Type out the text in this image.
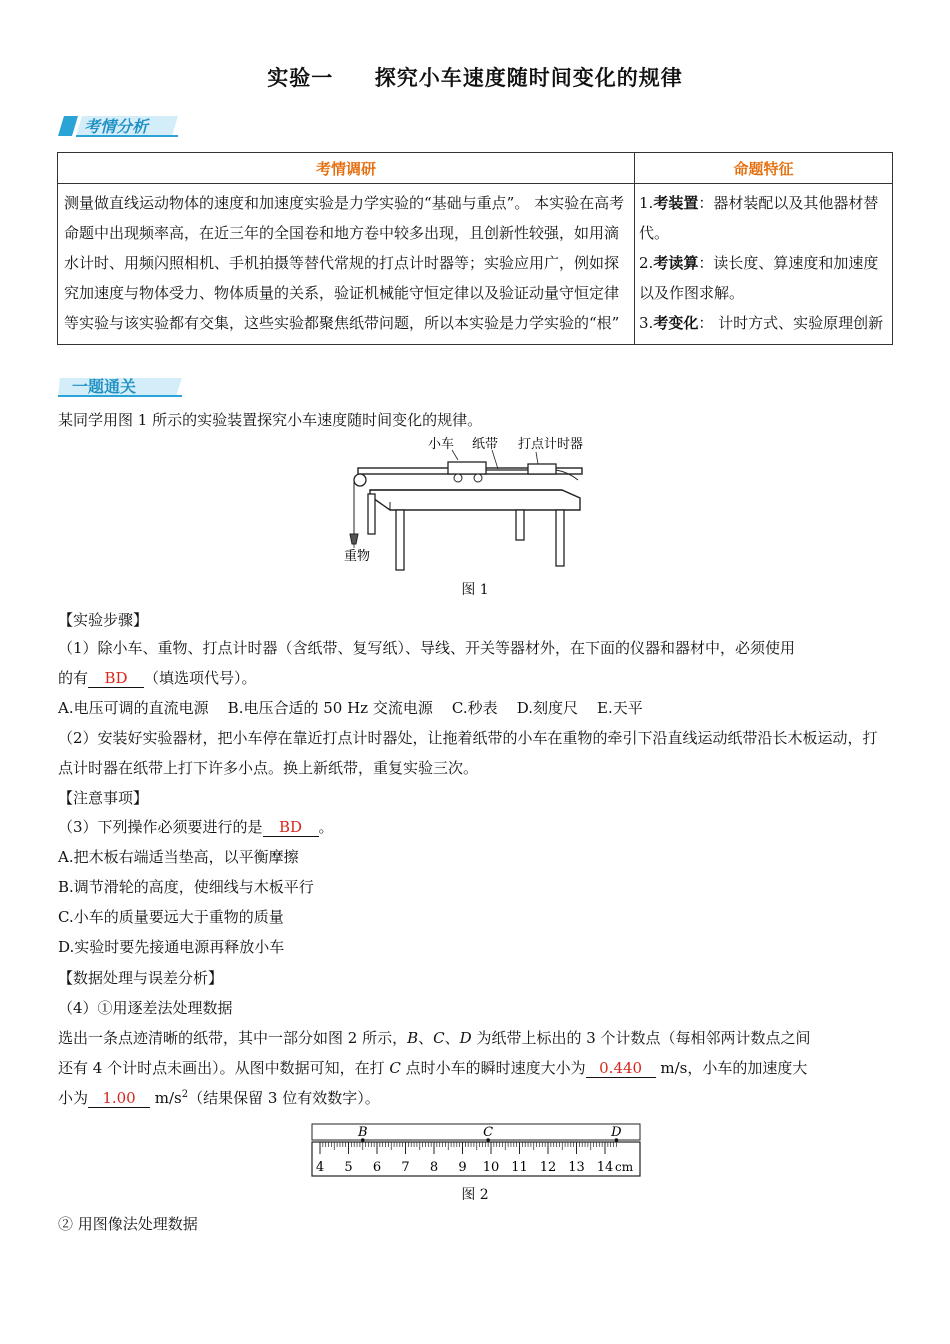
实验一     探究小车速度随时间变化的规律
考情分析
考情调研	命题特征
测量做直线运动物体的速度和加速度实验是力学实验的“基础与重点”。 本实验在高考命题中出现频率高，在近三年的全国卷和地方卷中较多出现，且创新性较强，如用滴水计时、用频闪照相机、手机拍摄等替代常规的打点计时器等；实验应用广，例如探究加速度与物体受力、物体质量的关系，验证机械能守恒定律以及验证动量守恒定律等实验与该实验都有交集，这些实验都聚焦纸带问题，所以本实验是力学实验的“根”	1.考装置：器材装配以及其他器材替代。
2.考读算：读长度、算速度和加速度以及作图求解。
3.考变化： 计时方式、实验原理创新
一题通关
某同学用图 1 所示的实验装置探究小车速度随时间变化的规律。
小车 纸带 打点计时器
重物
图 1
【实验步骤】
（1）除小车、重物、打点计时器（含纸带、复写纸）、导线、开关等器材外，在下面的仪器和器材中，必须使用
的有 BD （填选项代号）。
A.电压可调的直流电源    B.电压合适的 50 Hz 交流电源    C.秒表    D.刻度尺    E.天平
（2）安装好实验器材，把小车停在靠近打点计时器处，让拖着纸带的小车在重物的牵引下沿直线运动纸带沿长木板运动，打点计时器在纸带上打下许多小点。换上新纸带，重复实验三次。
【注意事项】
（3）下列操作必须要进行的是 BD 。
A.把木板右端适当垫高，以平衡摩擦
B.调节滑轮的高度，使细线与木板平行
C.小车的质量要远大于重物的质量
D.实验时要先接通电源再释放小车
【数据处理与误差分析】
（4）①用逐差法处理数据
选出一条点迹清晰的纸带，其中一部分如图 2 所示，B、C、D 为纸带上标出的 3 个计数点（每相邻两计数点之间
还有 4 个计时点未画出）。从图中数据可知，在打 C 点时小车的瞬时速度大小为 0.440 m/s，小车的加速度大
小为 1.00 $m/s^2$（结果保留 3 位有效数字）。
4 5 6 7 8 9 10 11 12 13 14 cm
B	C	D
图 2
② 用图像法处理数据
